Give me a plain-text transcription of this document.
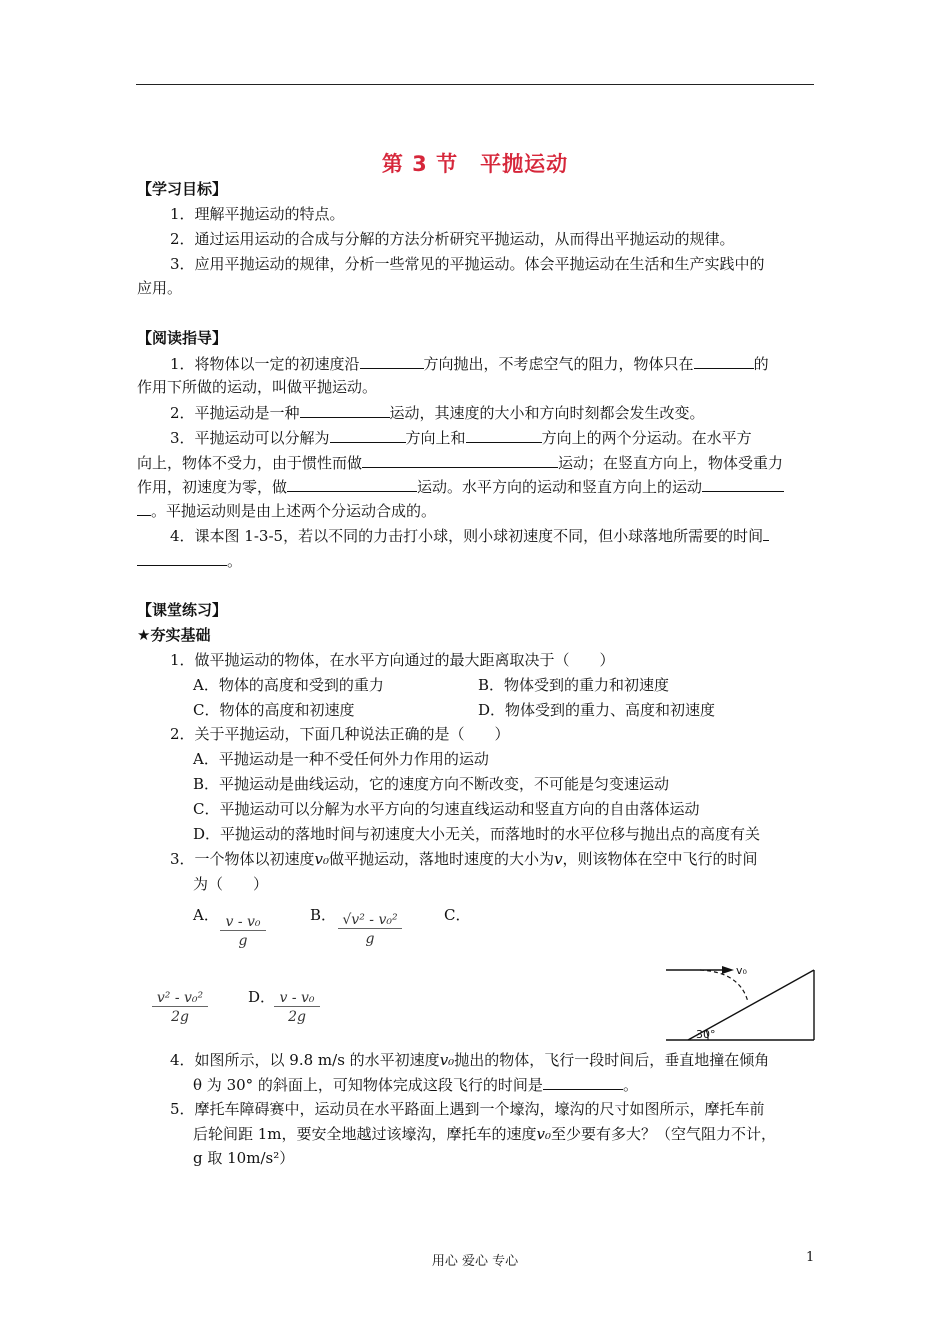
第 3 节　平抛运动
【学习目标】
1．理解平抛运动的特点。
2．通过运用运动的合成与分解的方法分析研究平抛运动，从而得出平抛运动的规律。
3．应用平抛运动的规律，分析一些常见的平抛运动。体会平抛运动在生活和生产实践中的
应用。
【阅读指导】
1．将物体以一定的初速度沿	方向抛出，不考虑空气的阻力，物体只在	的
作用下所做的运动，叫做平抛运动。
2．平抛运动是一种	运动，其速度的大小和方向时刻都会发生改变。
3．平抛运动可以分解为	方向上和	方向上的两个分运动。在水平方
向上，物体不受力，由于惯性而做	运动；在竖直方向上，物体受重力
作用，初速度为零，做	运动。水平方向的运动和竖直方向上的运动
。平抛运动则是由上述两个分运动合成的。
4．课本图 1-3-5，若以不同的力击打小球，则小球初速度不同，但小球落地所需要的时间
。
【课堂练习】
★夯实基础
1．做平抛运动的物体，在水平方向通过的最大距离取决于（　　）
A．物体的高度和受到的重力	B．物体受到的重力和初速度
C．物体的高度和初速度	D．物体受到的重力、高度和初速度
2．关于平抛运动，下面几种说法正确的是（　　）
A．平抛运动是一种不受任何外力作用的运动
B．平抛运动是曲线运动，它的速度方向不断改变，不可能是匀变速运动
C．平抛运动可以分解为水平方向的匀速直线运动和竖直方向的自由落体运动
D．平抛运动的落地时间与初速度大小无关，而落地时的水平位移与抛出点的高度有关
3．一个物体以初速度v₀做平抛运动，落地时速度的大小为v，则该物体在空中飞行的时间
为（　　）
A． $\frac{\text{v - v₀}}{g}$	B． $\frac{\text{√v² - v₀²}}{g}$	C．
$\frac{\text{v² - v₀²}}{2g}$	D．
$\frac{\text{v - v₀}}{2g}$
v₀
30°
4．如图所示，以 9.8 m/s 的水平初速度v₀抛出的物体，飞行一段时间后，垂直地撞在倾角
θ 为 30° 的斜面上，可知物体完成这段飞行的时间是	。
5．摩托车障碍赛中，运动员在水平路面上遇到一个壕沟，壕沟的尺寸如图所示，摩托车前
后轮间距 1m，要安全地越过该壕沟，摩托车的速度v₀至少要有多大？（空气阻力不计，
g 取 10m/s²）
用心 爱心 专心	1
